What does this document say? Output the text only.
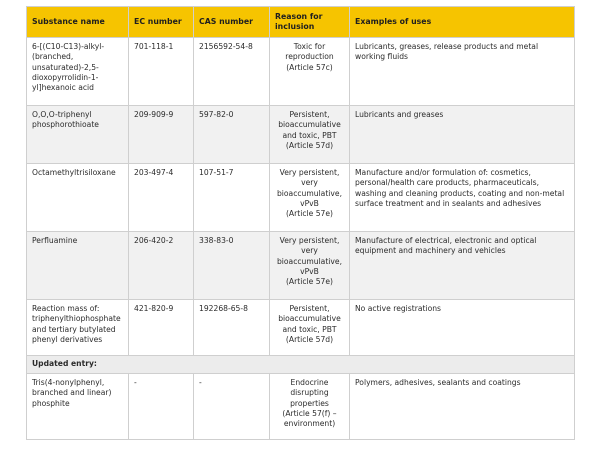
Substance name	EC number	CAS number	Reason for inclusion	Examples of uses

6-[(C10-C13)-alkyl-
(branched,
unsaturated)-2,5-
dioxopyrrolidin-1-
yl]hexanoic acid	701-118-1	2156592-54-8	Toxic for
reproduction
(Article 57c)	Lubricants, greases, release products and metal
working fluids

O,O,O-triphenyl
phosphorothioate	209-909-9	597-82-0	Persistent,
bioaccumulative
and toxic, PBT
(Article 57d)	Lubricants and greases

Octamethyltrisiloxane	203-497-4	107-51-7	Very persistent,
very
bioaccumulative,
vPvB
(Article 57e)	Manufacture and/or formulation of: cosmetics,
personal/health care products, pharmaceuticals,
washing and cleaning products, coating and non-metal
surface treatment and in sealants and adhesives

Perfluamine	206-420-2	338-83-0	Very persistent,
very
bioaccumulative,
vPvB
(Article 57e)	Manufacture of electrical, electronic and optical
equipment and machinery and vehicles

Reaction mass of:
triphenylthiophosphate
and tertiary butylated
phenyl derivatives	421-820-9	192268-65-8	Persistent,
bioaccumulative
and toxic, PBT
(Article 57d)	No active registrations

Updated entry:				

Tris(4-nonylphenyl,
branched and linear)
phosphite	-	-	Endocrine
disrupting
properties
(Article 57(f) –
environment)	Polymers, adhesives, sealants and coatings
